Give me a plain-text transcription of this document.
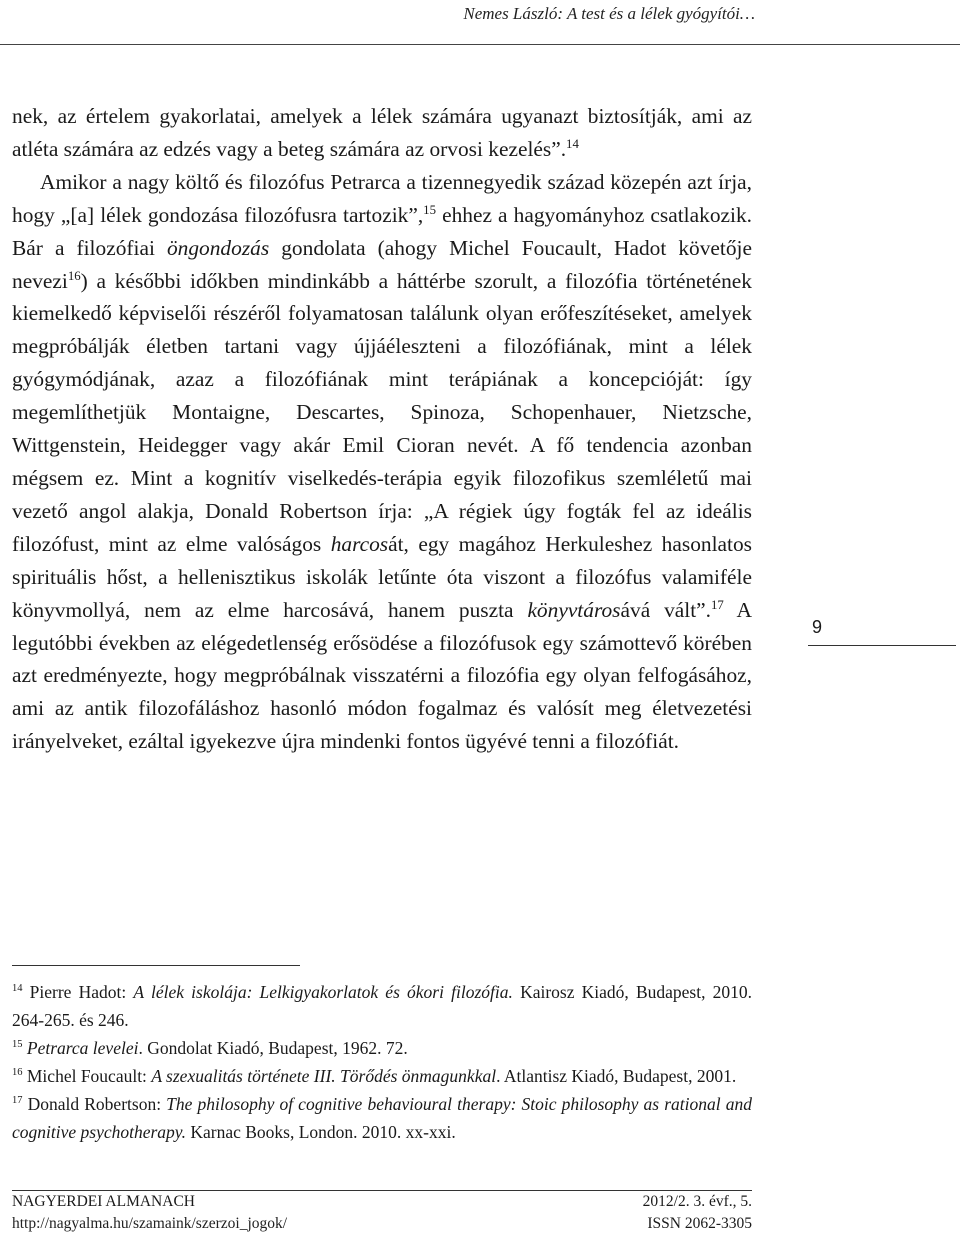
Nemes László: A test és a lélek gyógyítói…

nek, az értelem gyakorlatai, amelyek a lélek számára ugyanazt biztosítják, ami az atléta számára az edzés vagy a beteg számára az orvosi kezelés”.$^{14}$

Amikor a nagy költő és filozófus Petrarca a tizennegyedik század közepén azt írja, hogy „[a] lélek gondozása filozófusra tartozik”,$^{15}$ ehhez a hagyományhoz csatlakozik. Bár a filozófiai öngondozás gondolata (ahogy Michel Foucault, Hadot követője nevezi$^{16}$) a későbbi időkben mindinkább a háttérbe szorult, a filozófia történetének kiemelkedő képviselői részéről folyamatosan találunk olyan erőfeszítéseket, amelyek megpróbálják életben tartani vagy újjáéleszteni a filozófiának, mint a lélek gyógymódjának, azaz a filozófiának mint terápiának a koncepcióját: így megemlíthetjük Montaigne, Descartes, Spinoza, Schopenhauer, Nietzsche, Wittgenstein, Heidegger vagy akár Emil Cioran nevét. A fő tendencia azonban mégsem ez. Mint a kognitív viselkedés-terápia egyik filozofikus szemléletű mai vezető angol alakja, Donald Robertson írja: „A régiek úgy fogták fel az ideális filozófust, mint az elme valóságos harcosát, egy magához Herkuleshez hasonlatos spirituális hőst, a hellenisztikus iskolák letűnte óta viszont a filozófus valamiféle könyvmollyá, nem az elme harcosává, hanem puszta könyvtárosává vált”.$^{17}$ A legutóbbi években az elégedetlenség erősödése a filozófusok egy számottevő körében azt eredményezte, hogy megpróbálnak visszatérni a filozófia egy olyan felfogásához, ami az antik filozofáláshoz hasonló módon fogalmaz és valósít meg életvezetési irányelveket, ezáltal igyekezve újra mindenki fontos ügyévé tenni a filozófiát.

9

$^{14}$ Pierre Hadot: A lélek iskolája: Lelkigyakorlatok és ókori filozófia. Kairosz Kiadó, Budapest, 2010. 264-265. és 246.

$^{15}$ Petrarca levelei. Gondolat Kiadó, Budapest, 1962. 72.

$^{16}$ Michel Foucault: A szexualitás története III. Törődés önmagunkkal. Atlantisz Kiadó, Budapest, 2001.

$^{17}$ Donald Robertson: The philosophy of cognitive behavioural therapy: Stoic philosophy as rational and cognitive psychotherapy. Karnac Books, London. 2010. xx-xxi.

NAGYERDEI ALMANACH	2012/2. 3. évf., 5.
http://nagyalma.hu/szamaink/szerzoi_jogok/	ISSN 2062-3305
